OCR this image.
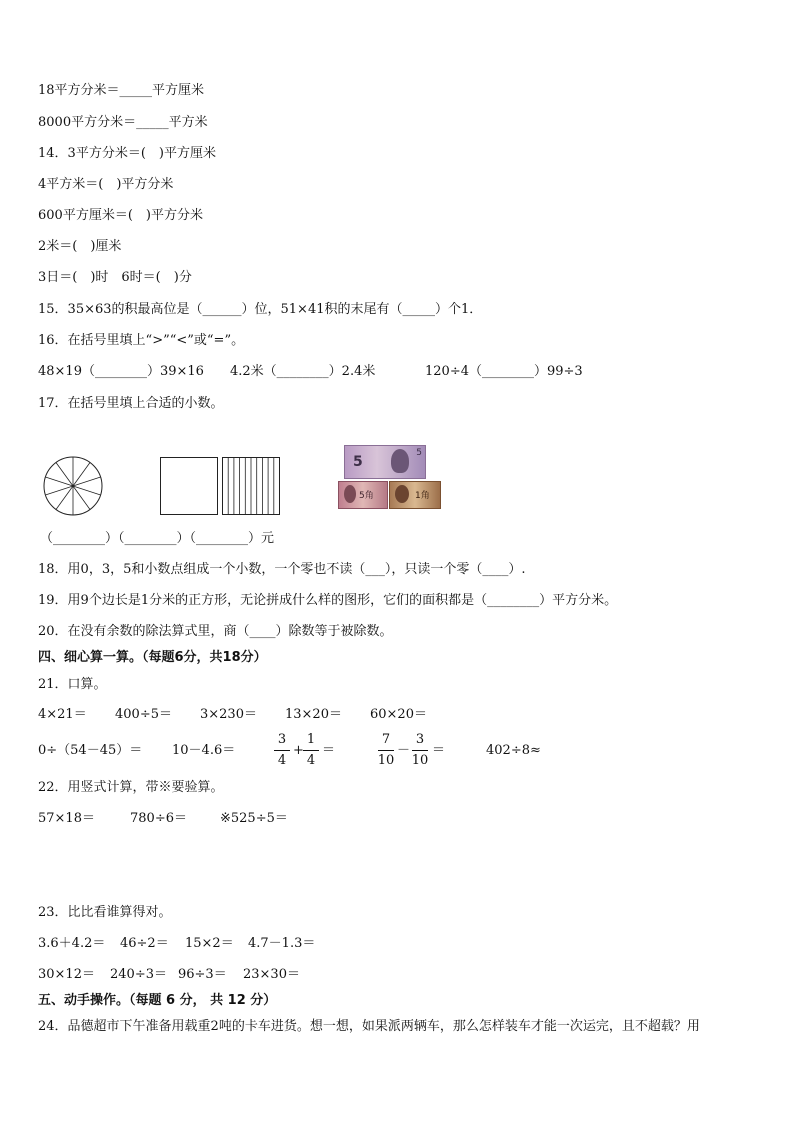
18平方分米＝_____平方厘米
8000平方分米＝_____平方米
14．3平方分米＝(　)平方厘米
4平方米＝(　)平方分米
600平方厘米＝(　)平方分米
2米＝(　)厘米
3日＝(　)时　6时＝(　)分
15．35×63的积最高位是（______）位，51×41积的末尾有（_____）个1．
16．在括号里填上“>”“<”或“=”。
48×19（________）39×16 4.2米（________）2.4米	120÷4（________）99÷3
17．在括号里填上合适的小数。
5
5
5角	1角
（________）（________）（________）元
18．用0，3，5和小数点组成一个小数，一个零也不读（___），只读一个零（____）.
19．用9个边长是1分米的正方形，无论拼成什么样的图形，它们的面积都是（________）平方分米。
20．在没有余数的除法算式里，商（____）除数等于被除数。
四、细心算一算。（每题6分，共18分）
21．口算。
4×21＝ 400÷5＝ 3×230＝ 13×20＝ 60×20＝
0÷（54－45）＝ 10－4.6＝
3
4
+
1
4
＝
7
10
－
3
10
＝	402÷8≈
22．用竖式计算，带※要验算。
57×18＝	780÷6＝	※525÷5＝
23．比比看谁算得对。
3.6＋4.2＝ 46÷2＝ 15×2＝ 4.7－1.3＝
30×12＝ 240÷3＝ 96÷3＝ 23×30＝
五、动手操作。（每题 6 分， 共 12 分）
24．品德超市下午准备用载重2吨的卡车进货。想一想，如果派两辆车，那么怎样装车才能一次运完，且不超载？用
